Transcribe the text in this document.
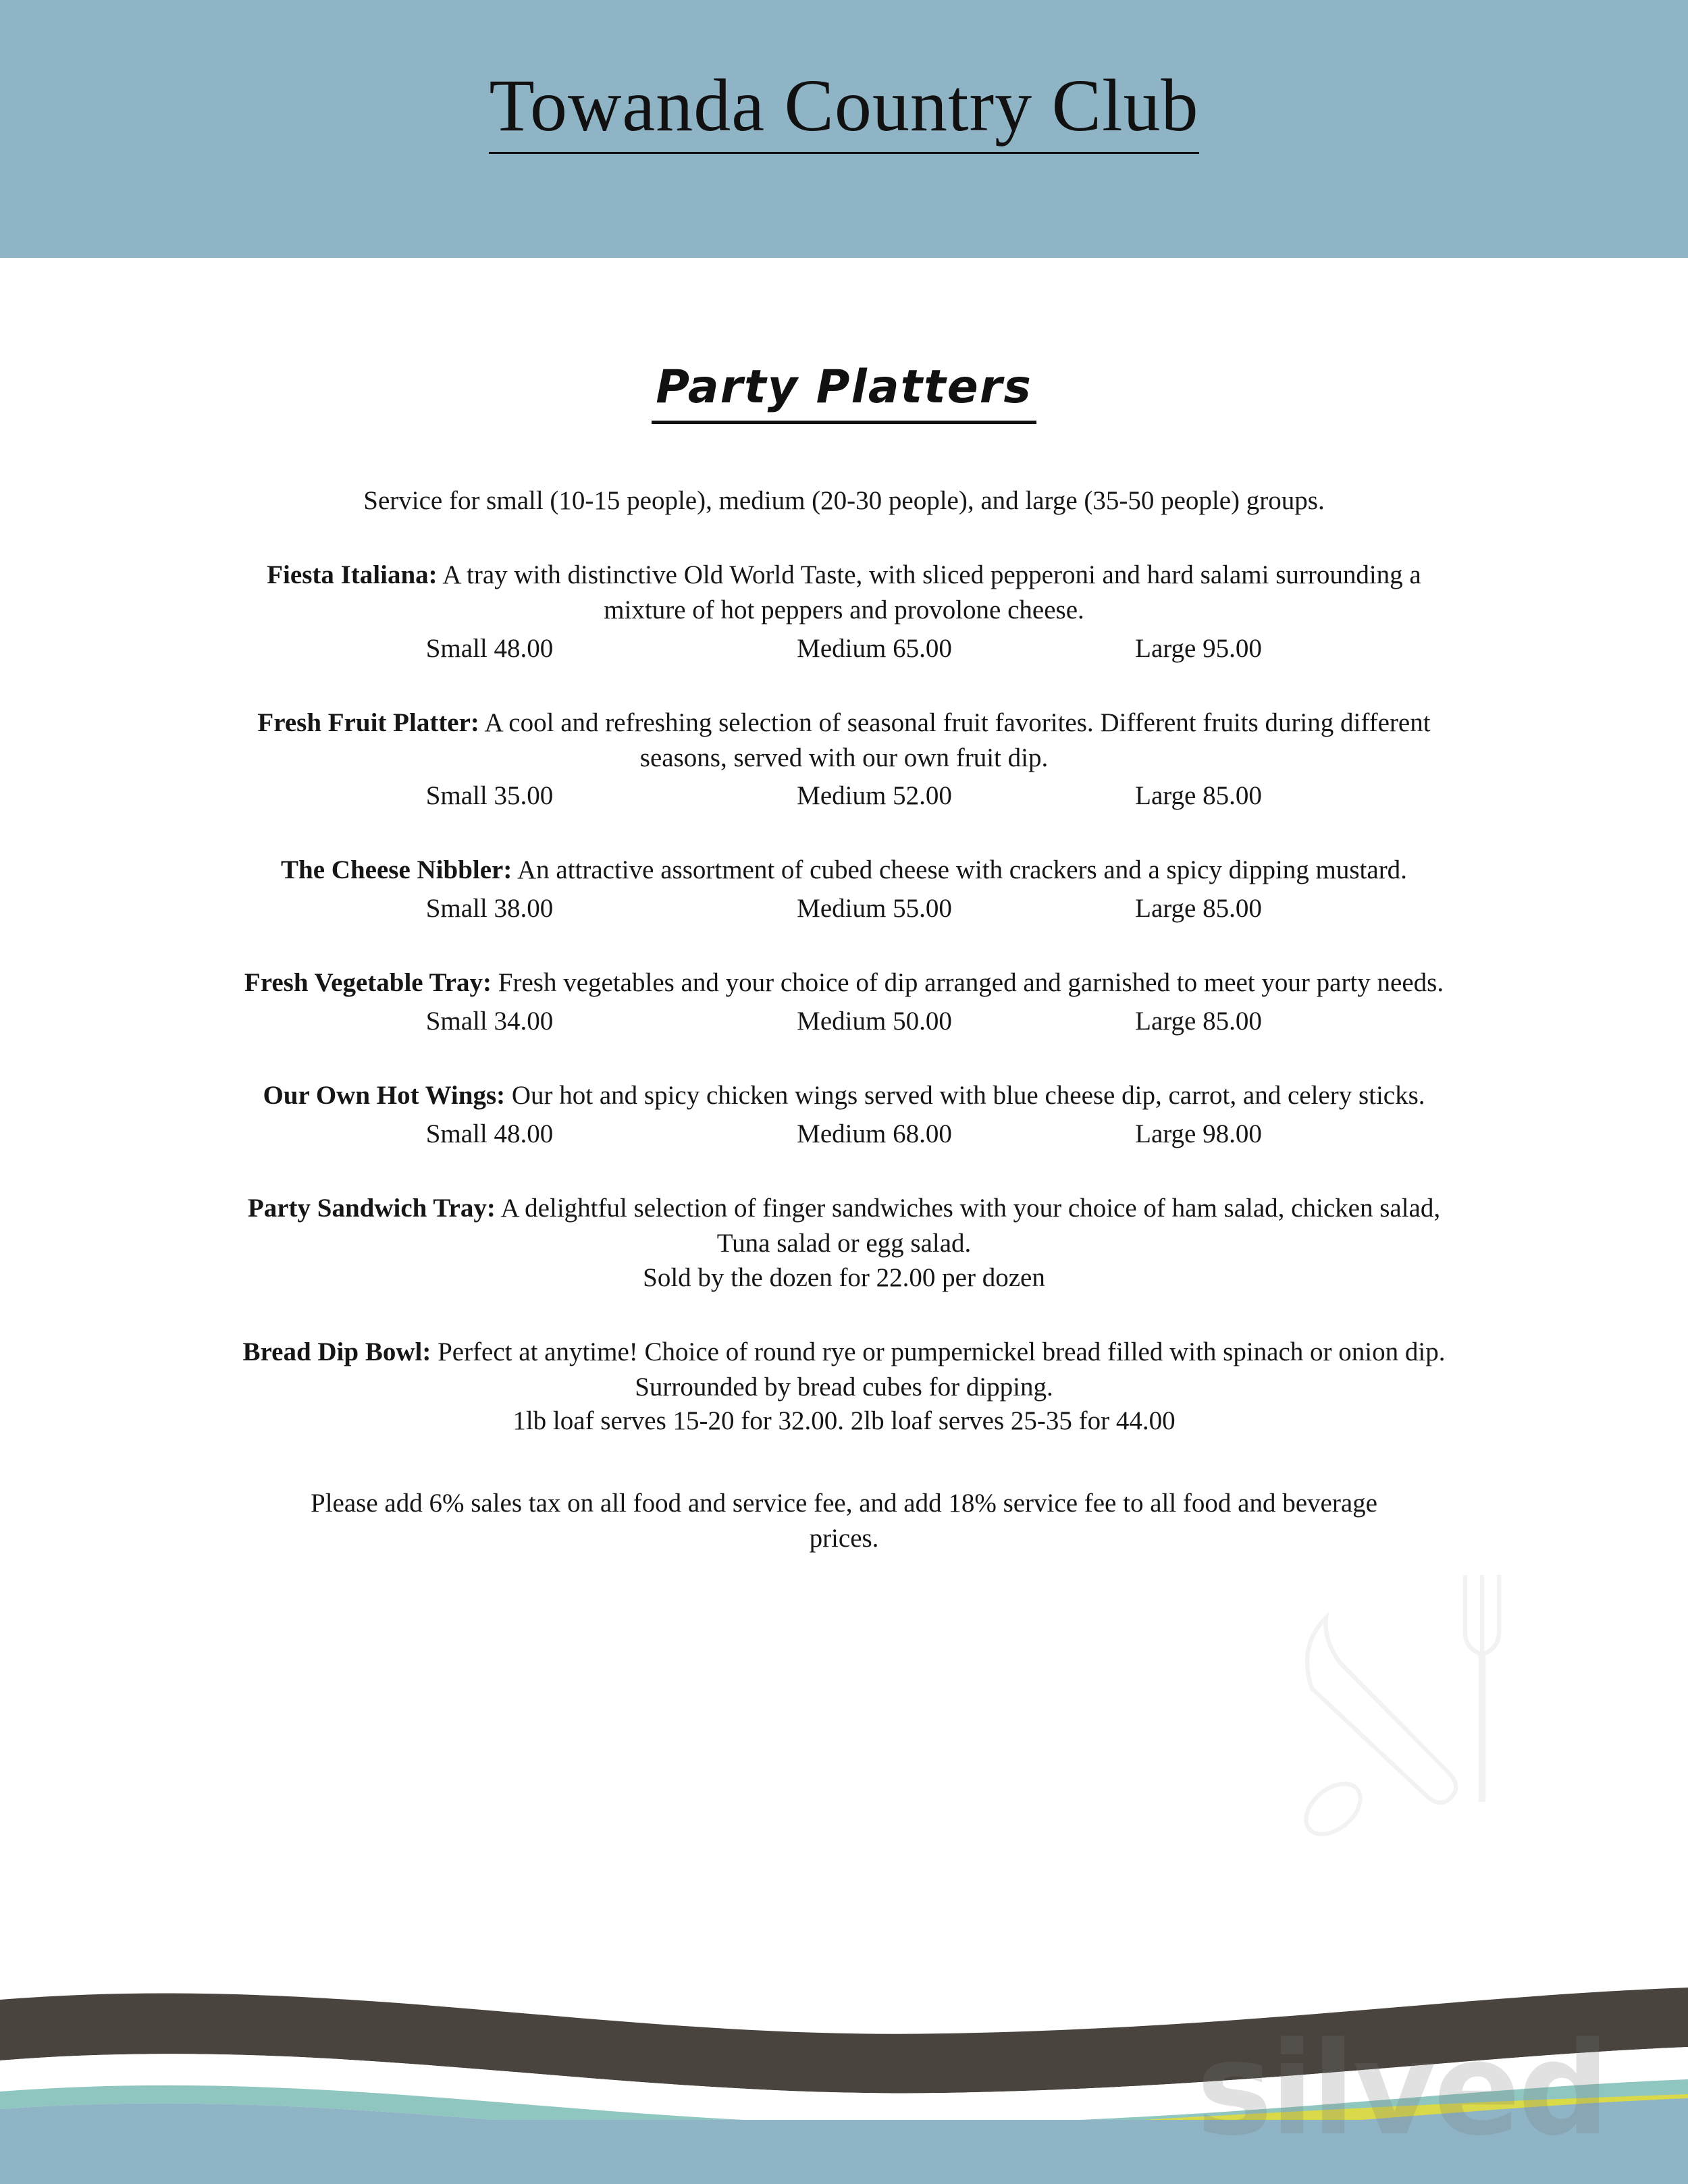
Towanda Country Club
Party Platters
Service for small (10-15 people), medium (20-30 people), and large (35-50 people) groups.
Fiesta Italiana: A tray with distinctive Old World Taste, with sliced pepperoni and hard salami surrounding a mixture of hot peppers and provolone cheese.
Small 48.00	Medium 65.00	Large 95.00
Fresh Fruit Platter: A cool and refreshing selection of seasonal fruit favorites. Different fruits during different seasons, served with our own fruit dip.
Small 35.00	Medium 52.00	Large 85.00
The Cheese Nibbler: An attractive assortment of cubed cheese with crackers and a spicy dipping mustard.
Small 38.00	Medium 55.00	Large 85.00
Fresh Vegetable Tray: Fresh vegetables and your choice of dip arranged and garnished to meet your party needs.
Small 34.00	Medium 50.00	Large 85.00
Our Own Hot Wings: Our hot and spicy chicken wings served with blue cheese dip, carrot, and celery sticks.
Small 48.00	Medium 68.00	Large 98.00
Party Sandwich Tray: A delightful selection of finger sandwiches with your choice of ham salad, chicken salad, Tuna salad or egg salad.
Sold by the dozen for 22.00 per dozen
Bread Dip Bowl: Perfect at anytime! Choice of round rye or pumpernickel bread filled with spinach or onion dip. Surrounded by bread cubes for dipping.
1lb loaf serves 15-20 for 32.00. 2lb loaf serves 25-35 for 44.00
Please add 6% sales tax on all food and service fee, and add 18% service fee to all food and beverage prices.
silved
